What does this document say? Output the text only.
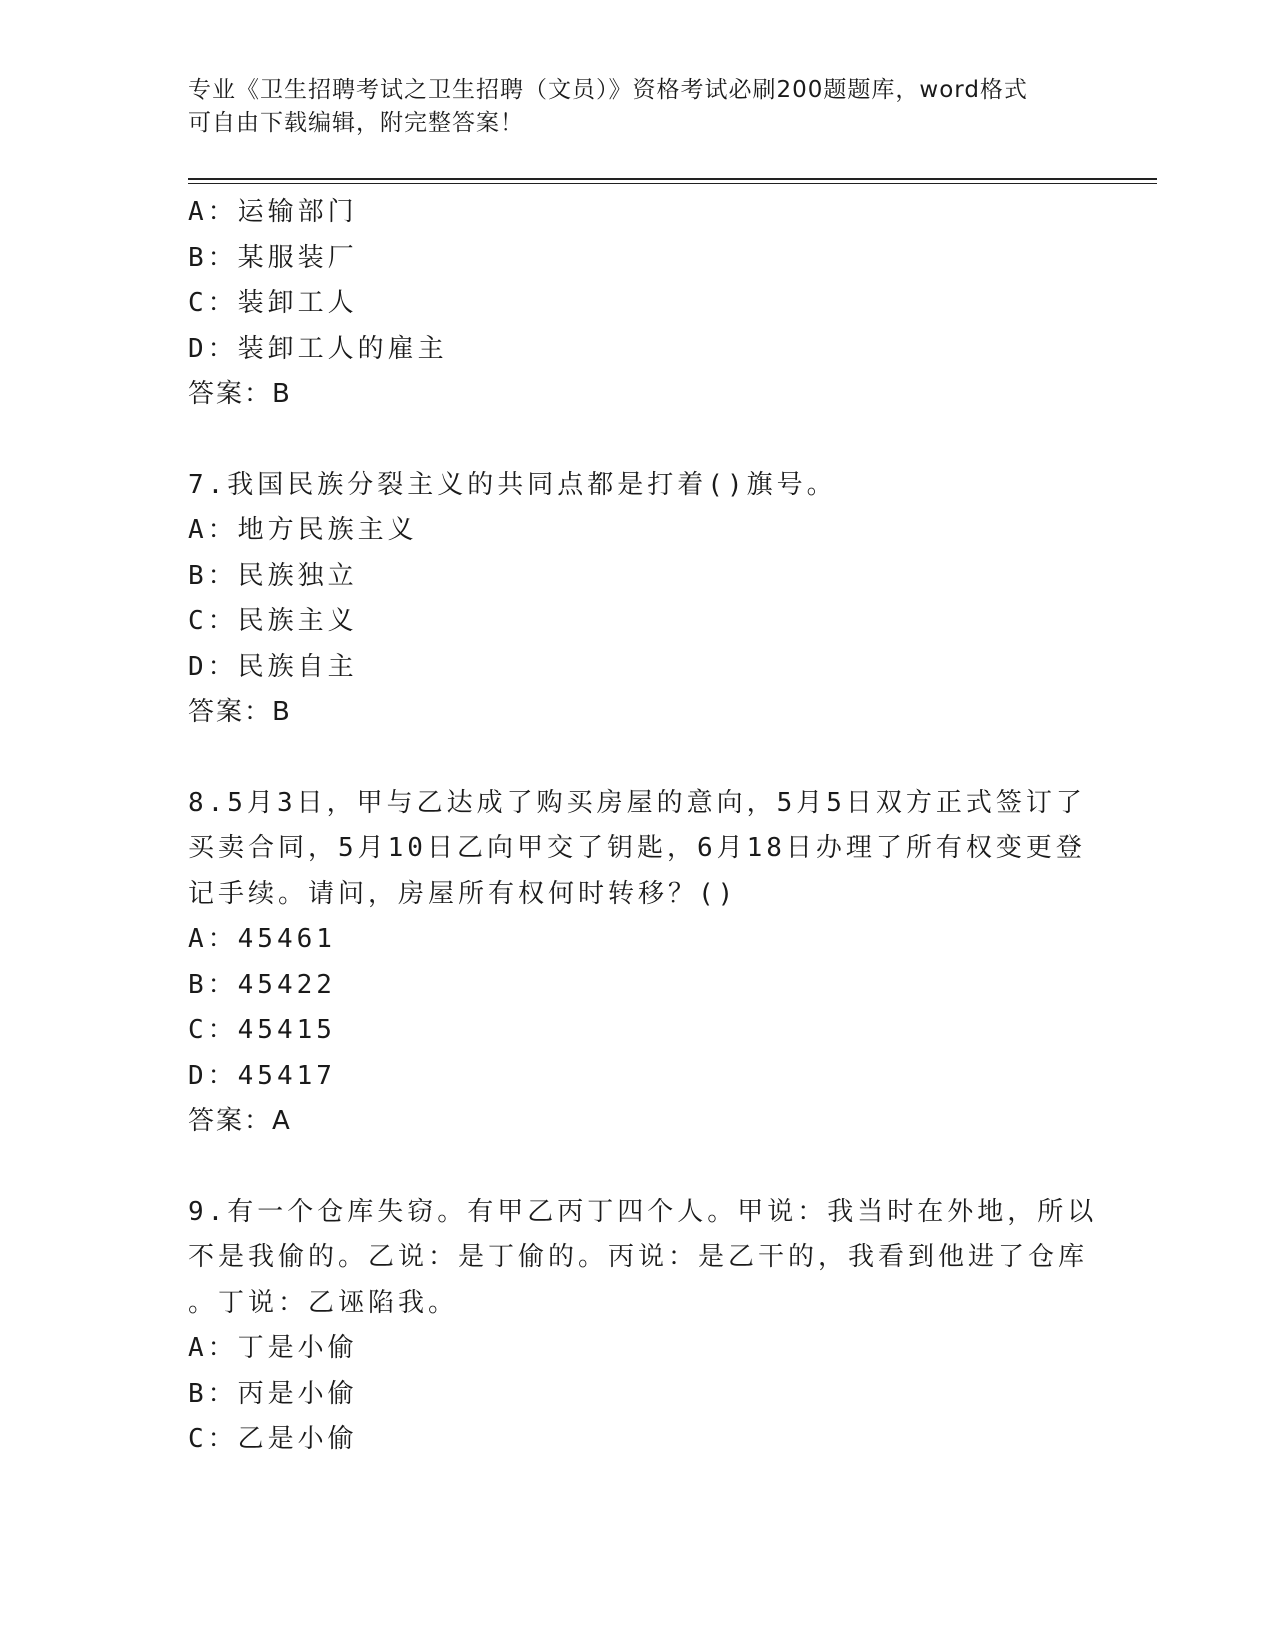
专业《卫生招聘考试之卫生招聘（文员）》资格考试必刷200题题库，word格式
可自由下载编辑，附完整答案！
A：运输部门
B：某服装厂
C：装卸工人
D：装卸工人的雇主
答案：B
7.我国民族分裂主义的共同点都是打着()旗号。
A：地方民族主义
B：民族独立
C：民族主义
D：民族自主
答案：B
8.5月3日，甲与乙达成了购买房屋的意向，5月5日双方正式签订了
买卖合同，5月10日乙向甲交了钥匙，6月18日办理了所有权变更登
记手续。请问，房屋所有权何时转移？()
A：45461
B：45422
C：45415
D：45417
答案：A
9.有一个仓库失窃。有甲乙丙丁四个人。甲说：我当时在外地，所以
不是我偷的。乙说：是丁偷的。丙说：是乙干的，我看到他进了仓库
。丁说：乙诬陷我。
A：丁是小偷
B：丙是小偷
C：乙是小偷
